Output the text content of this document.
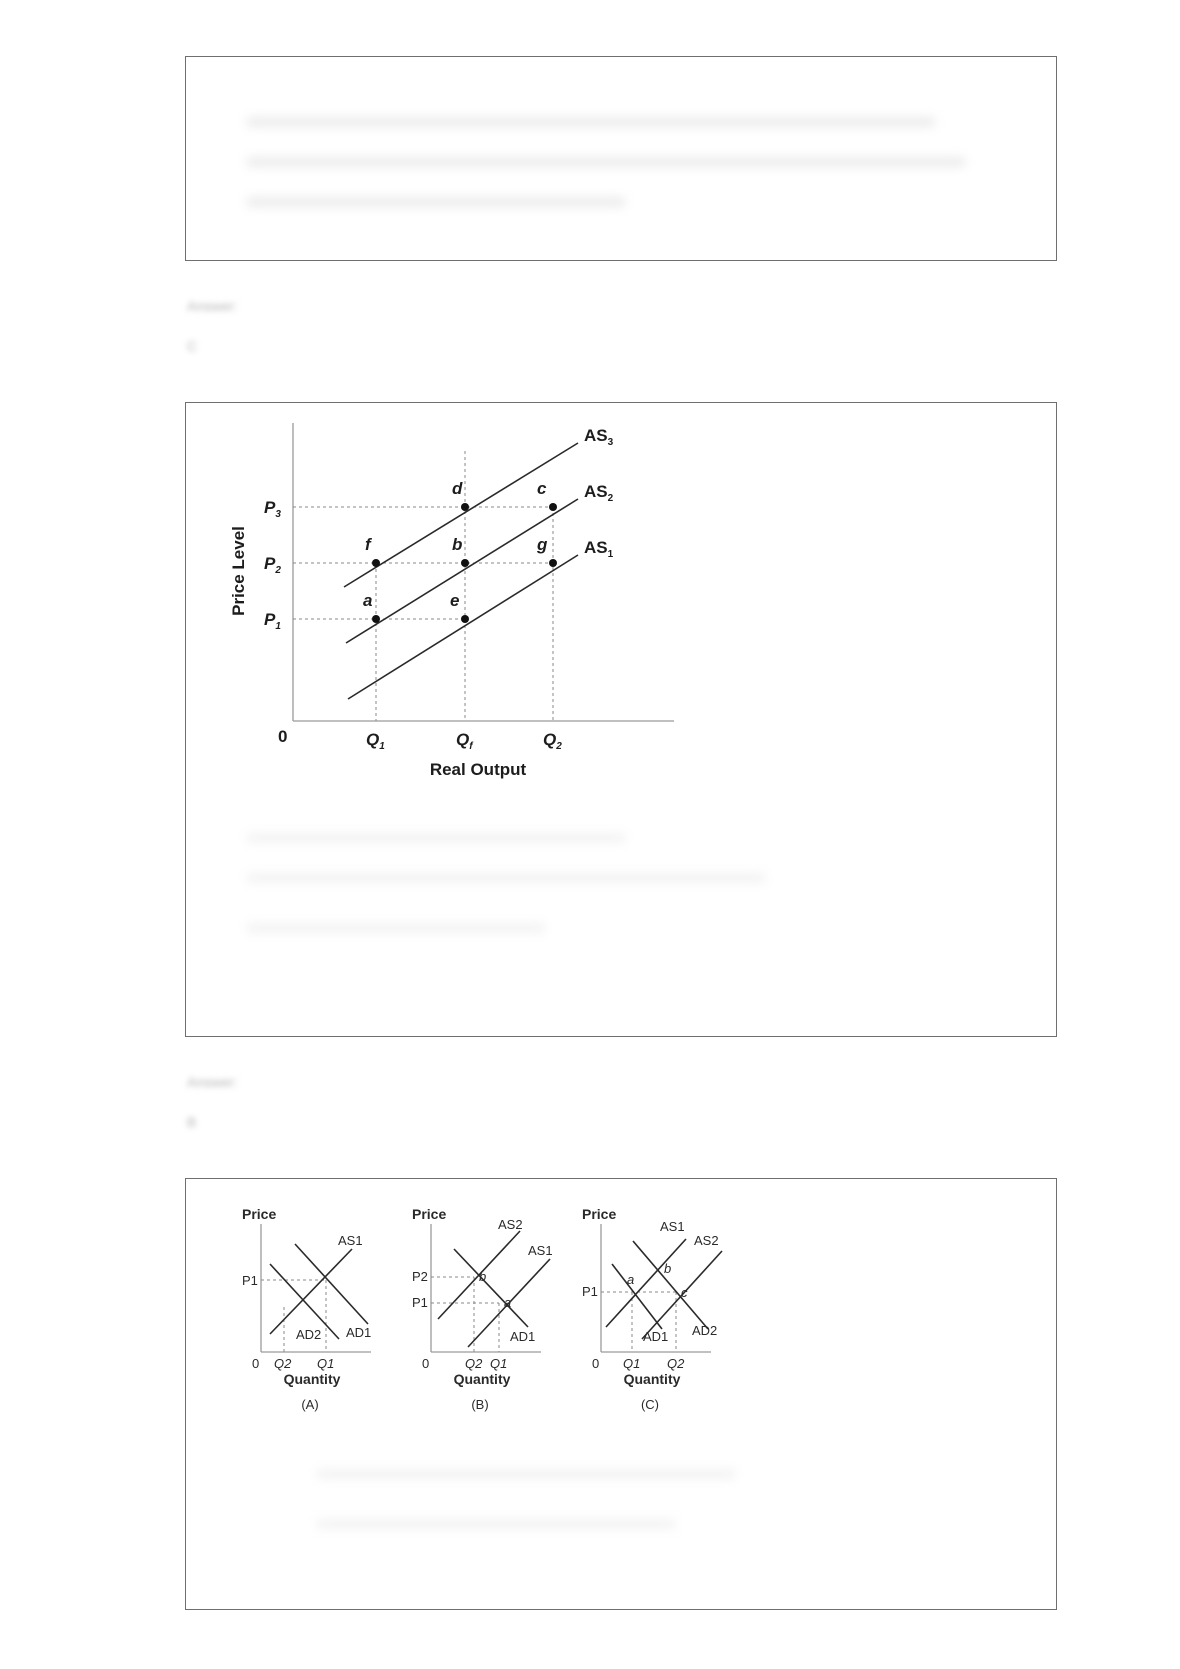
Answer:
C
$AS_3$
$AS_2$
$AS_1$
d	c
f	b	g
a	e
$P_3$
$P_2$
$P_1$
0	$Q_1$	$Q_f$	$Q_2$
Real Output
Price Level
Answer:
B
Price
AS1
AD2 AD1
P1
0 Q2 Q1
Quantity
(A)
Price
AS2
AS1
AD1
b
a
P2
P1
0	Q2 Q1
Quantity
(B)
Price
AS1
AS2
AD1 AD2
a
b
c
P1
0 Q1 Q2
Quantity
(C)
